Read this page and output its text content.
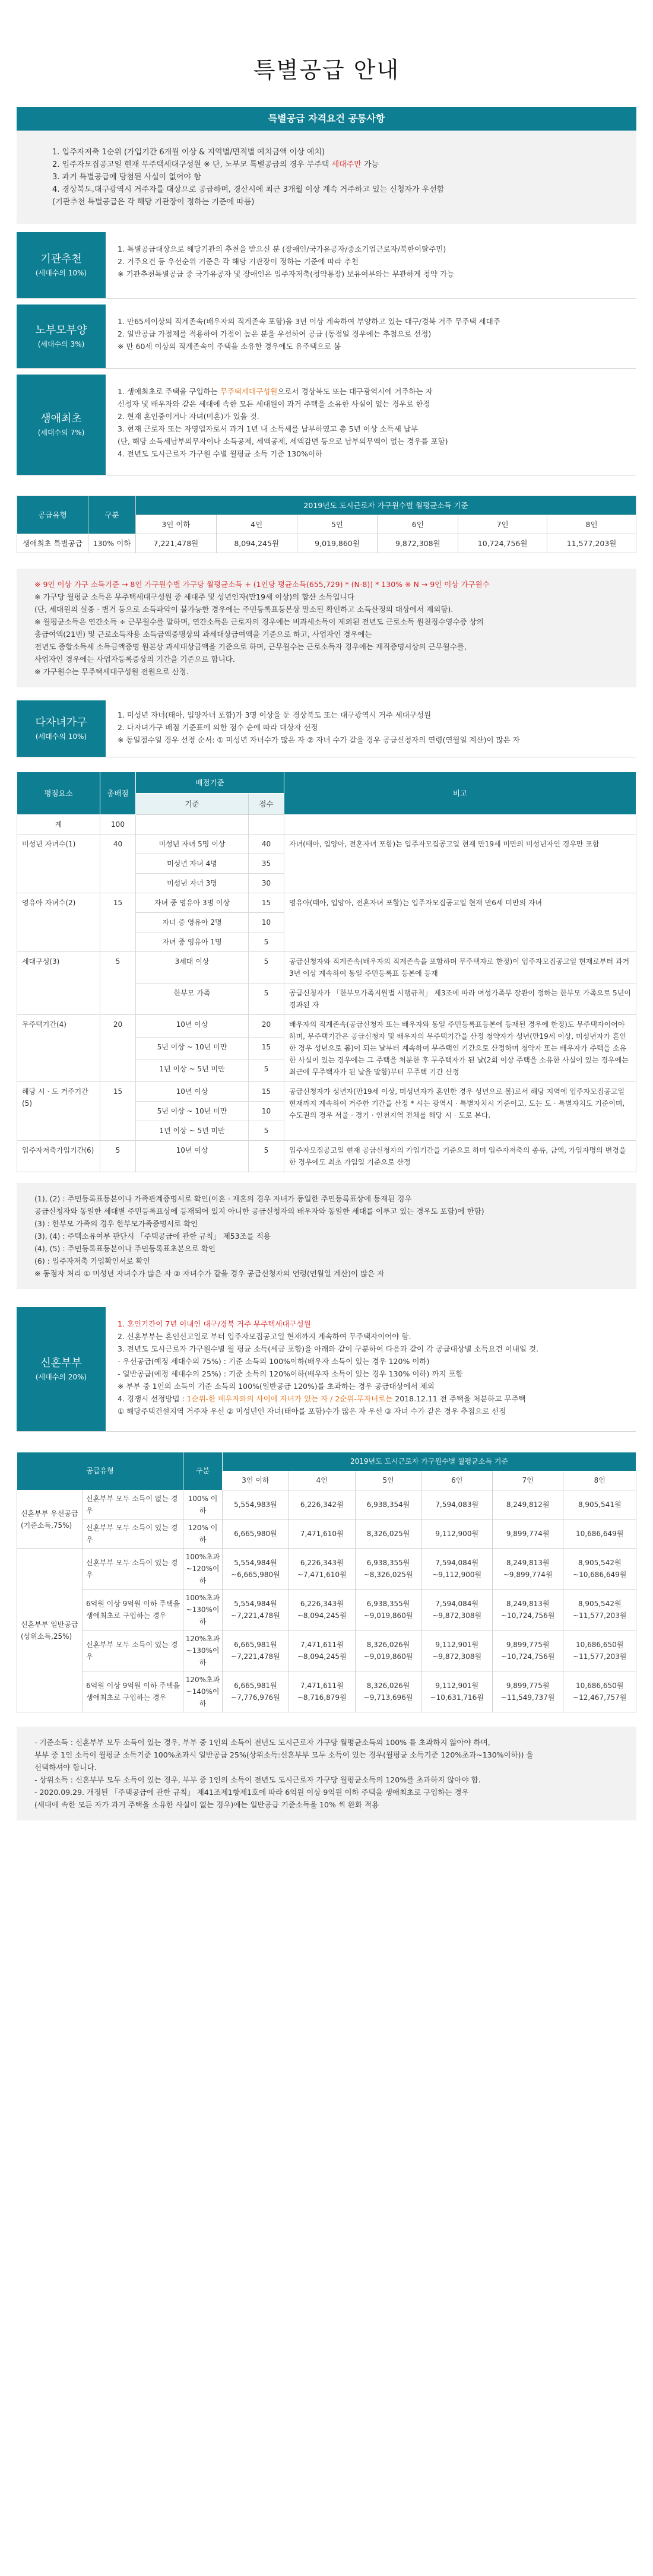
특별공급 안내
특별공급 자격요건 공통사항
1. 입주자저축 1순위 (가입기간 6개월 이상 & 지역별/면적별 예치금액 이상 예치)
2. 입주자모집공고일 현재 무주택세대구성원 ※ 단, 노부모 특별공급의 경우 무주택 세대주만 가능
3. 과거 특별공급에 당첨된 사실이 없어야 함
4. 경상북도,대구광역시 거주자를 대상으로 공급하며, 경산시에 최근 3개월 이상 계속 거주하고 있는 신청자가 우선함
(기관추천 특별공급은 각 해당 기관장이 정하는 기준에 따름)
기관추천
(세대수의 10%)
1. 특별공급대상으로 해당기관의 추천을 받으신 분 (장애인/국가유공자/중소기업근로자/북한이탈주민)
2. 거주요건 등 우선순위 기준은 각 해당 기관장이 정하는 기준에 따라 추천
※ 기관추천특별공급 중 국가유공자 및 장애인은 입주자저축(청약통장) 보유여부와는 무관하게 청약 가능
노부모부양
(세대수의 3%)
1. 만65세이상의 직계존속(배우자의 직계존속 포함)을 3년 이상 계속하여 부양하고 있는 대구/경북 거주 무주택 세대주
2. 일반공급 가점제를 적용하여 가점이 높은 분을 우선하여 공급 (동점일 경우에는 추첨으로 선정)
※ 만 60세 이상의 직계존속이 주택을 소유한 경우에도 유주택으로 봄
생애최초
(세대수의 7%)
1. 생애최초로 주택을 구입하는 무주택세대구성원으로서 경상북도 또는 대구광역시에 거주하는 자
신청자 및 배우자와 같은 세대에 속한 모든 세대원이 과거 주택을 소유한 사실이 없는 경우로 한정
2. 현재 혼인중이거나 자녀(미혼)가 있을 것.
3. 현재 근로자 또는 자영업자로서 과거 1년 내 소득세를 납부하였고 총 5년 이상 소득세 납부
(단, 해당 소득세납부의무자이나 소득공제, 세액공제, 세액감면 등으로 납부의무액이 없는 경우를 포함)
4. 전년도 도시근로자 가구원 수별 월평균 소득 기준 130%이하
공급유형	구분	2019년도 도시근로자 가구원수별 월평균소득 기준					
		3인 이하	4인	5인	6인	7인	8인
생애최초 특별공급	130% 이하	7,221,478원	8,094,245원	9,019,860원	9,872,308원	10,724,756원	11,577,203원
※ 9인 이상 가구 소득기준 → 8인 가구원수별 가구당 월평균소득 + (1인당 평균소득(655,729) * (N-8)) * 130% ※ N → 9인 이상 가구원수
※ 가구당 월평균 소득은 무주택세대구성원 중 세대주 및 성년인자(만19세 이상)의 합산 소득입니다
(단, 세대원의 실종 · 별거 등으로 소득파악이 불가능한 경우에는 주민등록표등본상 말소된 확인하고 소득산정의 대상에서 제외함).
※ 월평균소득은 연간소득 ÷ 근무월수를 말하며, 연간소득은 근로자의 경우에는 비과세소득이 제외된 전년도 근로소득 원천징수영수증 상의
총급여액(21번) 및 근로소득자용 소득금액증명상의 과세대상급여액을 기준으로 하고, 사업자인 경우에는
전년도 종합소득세 소득금액증명 원본상 과세대상금액을 기준으로 하며, 근무월수는 근로소득자 경우에는 재직증명서상의 근무월수를,
사업자인 경우에는 사업자등록증상의 기간을 기준으로 합니다.
※ 가구원수는 무주택세대구성원 전원으로 산정.
다자녀가구
(세대수의 10%)
1. 미성년 자녀(태아, 입양자녀 포함)가 3명 이상을 둔 경상북도 또는 대구광역시 거주 세대구성원
2. 다자녀가구 배점 기준표에 의한 점수 순에 따라 대상자 선정
※ 동일점수일 경우 선정 순서: ① 미성년 자녀수가 많은 자 ② 자녀 수가 같을 경우 공급신청자의 연령(연월일 계산)이 많은 자
평점요소	총배점	배점기준		비고
		기준	점수	
계	100			
미성년 자녀수(1)	40	미성년 자녀 5명 이상	40	자녀(태아, 입양아, 전혼자녀 포함)는 입주자모집공고일 현재 만19세 미만의 미성년자인 경우만 포함
		미성년 자녀 4명	35	
		미성년 자녀 3명	30	
영유아 자녀수(2)	15	자녀 중 영유아 3명 이상	15	영유아(태아, 입양아, 전혼자녀 포함)는 입주자모집공고일 현재 만6세 미만의 자녀
		자녀 중 영유아 2명	10	
		자녀 중 영유아 1명	5	
세대구성(3)	5	3세대 이상	5	공급신청자와 직계존속(배우자의 직계존속을 포함하며 무주택자로 한정)이 입주자모집공고일 현재로부터 과거 3년 이상 계속하여 동일 주민등록표 등본에 등재
		한부모 가족	5	공급신청자가 「한부모가족지원법 시행규칙」 제3조에 따라 여성가족부 장관이 정하는 한부모 가족으로 5년이 경과된 자
무주택기간(4)	20	10년 이상	20	배우자의 직계존속(공급신청자 또는 배우자와 동일 주민등록표등본에 등재된 경우에 한정)도 무주택자이어야 하며, 무주택기간은 공급신청자 및 배우자의 무주택기간을 산정 청약자가 성년(만19세 이상, 미성년자가 혼인한 경우 성년으로 봄)이 되는 날부터 계속하여 무주택인 기간으로 산정하며 청약자 또는 배우자가 주택을 소유한 사실이 있는 경우에는 그 주택을 처분한 후 무주택자가 된 날(2회 이상 주택을 소유한 사실이 있는 경우에는 최근에 무주택자가 된 날을 말함)부터 무주택 기간 산정
		5년 이상 ~ 10년 미만	15	
		1년 이상 ~ 5년 미만	5	
해당 시 · 도 거주기간(5)	15	10년 이상	15	공급신청자가 성년자(만19세 이상, 미성년자가 혼인한 경우 성년으로 봄)로서 해당 지역에 입주자모집공고일 현재까지 계속하여 거주한 기간을 산정 * 시는 광역시 · 특별자치시 기준이고, 도는 도 · 특별자치도 기준이며, 수도권의 경우 서울 · 경기 · 인천지역 전체를 해당 시 · 도로 본다.
		5년 이상 ~ 10년 미만	10	
		1년 이상 ~ 5년 미만	5	
입주자저축가입기간(6)	5	10년 이상	5	입주자모집공고일 현재 공급신청자의 가입기간을 기준으로 하며 입주자저축의 종류, 금액, 가입자명의 변경을 한 경우에도 최초 가입일 기준으로 산정
(1), (2) : 주민등록표등본이나 가족관계증명서로 확인(이혼 · 재혼의 경우 자녀가 동일한 주민등록표상에 등재된 경우
공급신청자와 동일한 세대별 주민등록표상에 등재되어 있지 아니한 공급신청자의 배우자와 동일한 세대를 이루고 있는 경우도 포함)에 한함)
(3) : 한부모 가족의 경우 한부모가족증명서로 확인
(3), (4) : 주택소유여부 판단시 「주택공급에 관한 규칙」 제53조를 적용
(4), (5) : 주민등록표등본이나 주민등록표초본으로 확인
(6) : 입주자저축 가입확인서로 확인
※ 동점자 처리 ① 미성년 자녀수가 많은 자 ② 자녀수가 같을 경우 공급신청자의 연령(연월일 계산)이 많은 자
신혼부부
(세대수의 20%)
1. 혼인기간이 7년 이내인 대구/경북 거주 무주택세대구성원
2. 신혼부부는 혼인신고일로 부터 입주자모집공고일 현재까지 계속하여 무주택자이어야 함.
3. 전년도 도시근로자 가구원수별 월 평균 소득(세금 포함)을 아래와 같이 구분하여 다음과 같이 각 공급대상별 소득요건 이내일 것.
- 우선공급(예정 세대수의 75%) : 기준 소득의 100%이하(배우자 소득이 있는 경우 120% 이하)
- 일반공급(예정 세대수의 25%) : 기준 소득의 120%이하(배우자 소득이 있는 경우 130% 이하) 까지 포함
※ 부부 중 1인의 소득이 기준 소득의 100%(일반공급 120%)를 초과하는 경우 공급대상에서 제외
4. 경쟁시 선정방법 : 1순위-한 배우자와의 사이에 자녀가 있는 자 / 2순위-무자녀로는 2018.12.11 전 주택을 처분하고 무주택
① 해당주택건설지역 거주자 우선 ② 미성년인 자녀(태아를 포함)수가 많은 자 우선 ③ 자녀 수가 같은 경우 추첨으로 선정
공급유형		구분	2019년도 도시근로자 가구원수별 월평균소득 기준					
			3인 이하	4인	5인	6인	7인	8인
신혼부부 우선공급 (기준소득,75%)	신혼부부 모두 소득이 없는 경우	100% 이하	5,554,983원	6,226,342원	6,938,354원	7,594,083원	8,249,812원	8,905,541원
	신혼부부 모두 소득이 있는 경우	120% 이하	6,665,980원	7,471,610원	8,326,025원	9,112,900원	9,899,774원	10,686,649원
신혼부부 일반공급 (상위소득,25%)	신혼부부 모두 소득이 있는 경우	100%초과 ~120%이하	5,554,984원 ~6,665,980원	6,226,343원 ~7,471,610원	6,938,355원 ~8,326,025원	7,594,084원 ~9,112,900원	8,249,813원 ~9,899,774원	8,905,542원 ~10,686,649원
	6억원 이상 9억원 이하 주택을 생애최초로 구입하는 경우	100%초과 ~130%이하	5,554,984원 ~7,221,478원	6,226,343원 ~8,094,245원	6,938,355원 ~9,019,860원	7,594,084원 ~9,872,308원	8,249,813원 ~10,724,756원	8,905,542원 ~11,577,203원
	신혼부부 모두 소득이 있는 경우	120%초과 ~130%이하	6,665,981원 ~7,221,478원	7,471,611원 ~8,094,245원	8,326,026원 ~9,019,860원	9,112,901원 ~9,872,308원	9,899,775원 ~10,724,756원	10,686,650원 ~11,577,203원
	6억원 이상 9억원 이하 주택을 생애최초로 구입하는 경우	120%초과 ~140%이하	6,665,981원 ~7,776,976원	7,471,611원 ~8,716,879원	8,326,026원 ~9,713,696원	9,112,901원 ~10,631,716원	9,899,775원 ~11,549,737원	10,686,650원 ~12,467,757원
- 기준소득 : 신혼부부 모두 소득이 있는 경우, 부부 중 1인의 소득이 전년도 도시근로자 가구당 월평균소득의 100% 를 초과하지 않아야 하며,
부부 중 1인 소득이 월평균 소득기준 100%초과시 일반공급 25%(상위소득:신혼부부 모두 소득이 있는 경우(월평균 소득기준 120%초과~130%이하)) 을
선택하셔야 합니다.
- 상위소득 : 신혼부부 모두 소득이 있는 경우, 부부 중 1인의 소득이 전년도 도시근로자 가구당 월평균소득의 120%를 초과하지 않아야 함.
- 2020.09.29. 개정된 「주택공급에 관한 규칙」 제41조제1항제1호에 따라 6억원 이상 9억원 이하 주택을 생애최초로 구입하는 경우
(세대에 속한 모든 자가 과거 주택을 소유한 사실이 없는 경우)에는 일반공급 기준소득을 10% 씩 완화 적용
